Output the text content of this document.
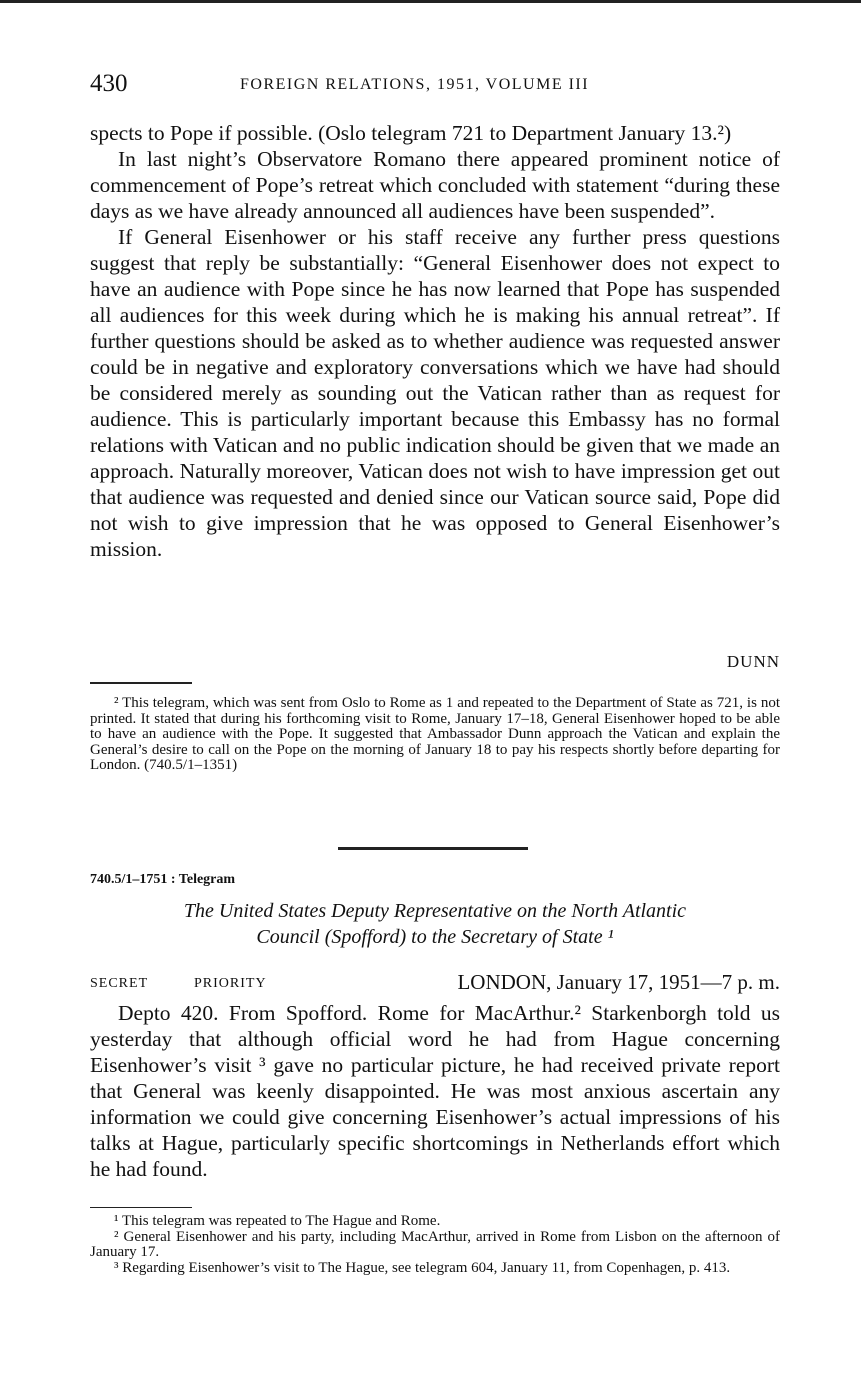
430	FOREIGN RELATIONS, 1951, VOLUME III

spects to Pope if possible. (Oslo telegram 721 to Department January 13.²)

In last night’s Observatore Romano there appeared prominent notice of commencement of Pope’s retreat which concluded with statement “during these days as we have already announced all audiences have been suspended”.

If General Eisenhower or his staff receive any further press questions suggest that reply be substantially: “General Eisenhower does not expect to have an audience with Pope since he has now learned that Pope has suspended all audiences for this week during which he is making his annual retreat”. If further questions should be asked as to whether audience was requested answer could be in negative and exploratory conversations which we have had should be considered merely as sounding out the Vatican rather than as request for audience. This is particularly important because this Embassy has no formal relations with Vatican and no public indication should be given that we made an approach. Naturally moreover, Vatican does not wish to have impression get out that audience was requested and denied since our Vatican source said, Pope did not wish to give impression that he was opposed to General Eisenhower’s mission.

DUNN
² This telegram, which was sent from Oslo to Rome as 1 and repeated to the Department of State as 721, is not printed. It stated that during his forthcoming visit to Rome, January 17–18, General Eisenhower hoped to be able to have an audience with the Pope. It suggested that Ambassador Dunn approach the Vatican and explain the General’s desire to call on the Pope on the morning of January 18 to pay his respects shortly before departing for London. (740.5/1–1351)
740.5/1–1751 : Telegram
The United States Deputy Representative on the North Atlantic
Council (Spofford) to the Secretary of State ¹
SECRET	PRIORITY	LONDON, January 17, 1951—7 p. m.

Depto 420. From Spofford. Rome for MacArthur.² Starkenborgh told us yesterday that although official word he had from Hague concerning Eisenhower’s visit ³ gave no particular picture, he had received private report that General was keenly disappointed. He was most anxious ascertain any information we could give concerning Eisenhower’s actual impressions of his talks at Hague, particularly specific shortcomings in Netherlands effort which he had found.

¹ This telegram was repeated to The Hague and Rome.

² General Eisenhower and his party, including MacArthur, arrived in Rome from Lisbon on the afternoon of January 17.

³ Regarding Eisenhower’s visit to The Hague, see telegram 604, January 11, from Copenhagen, p. 413.
